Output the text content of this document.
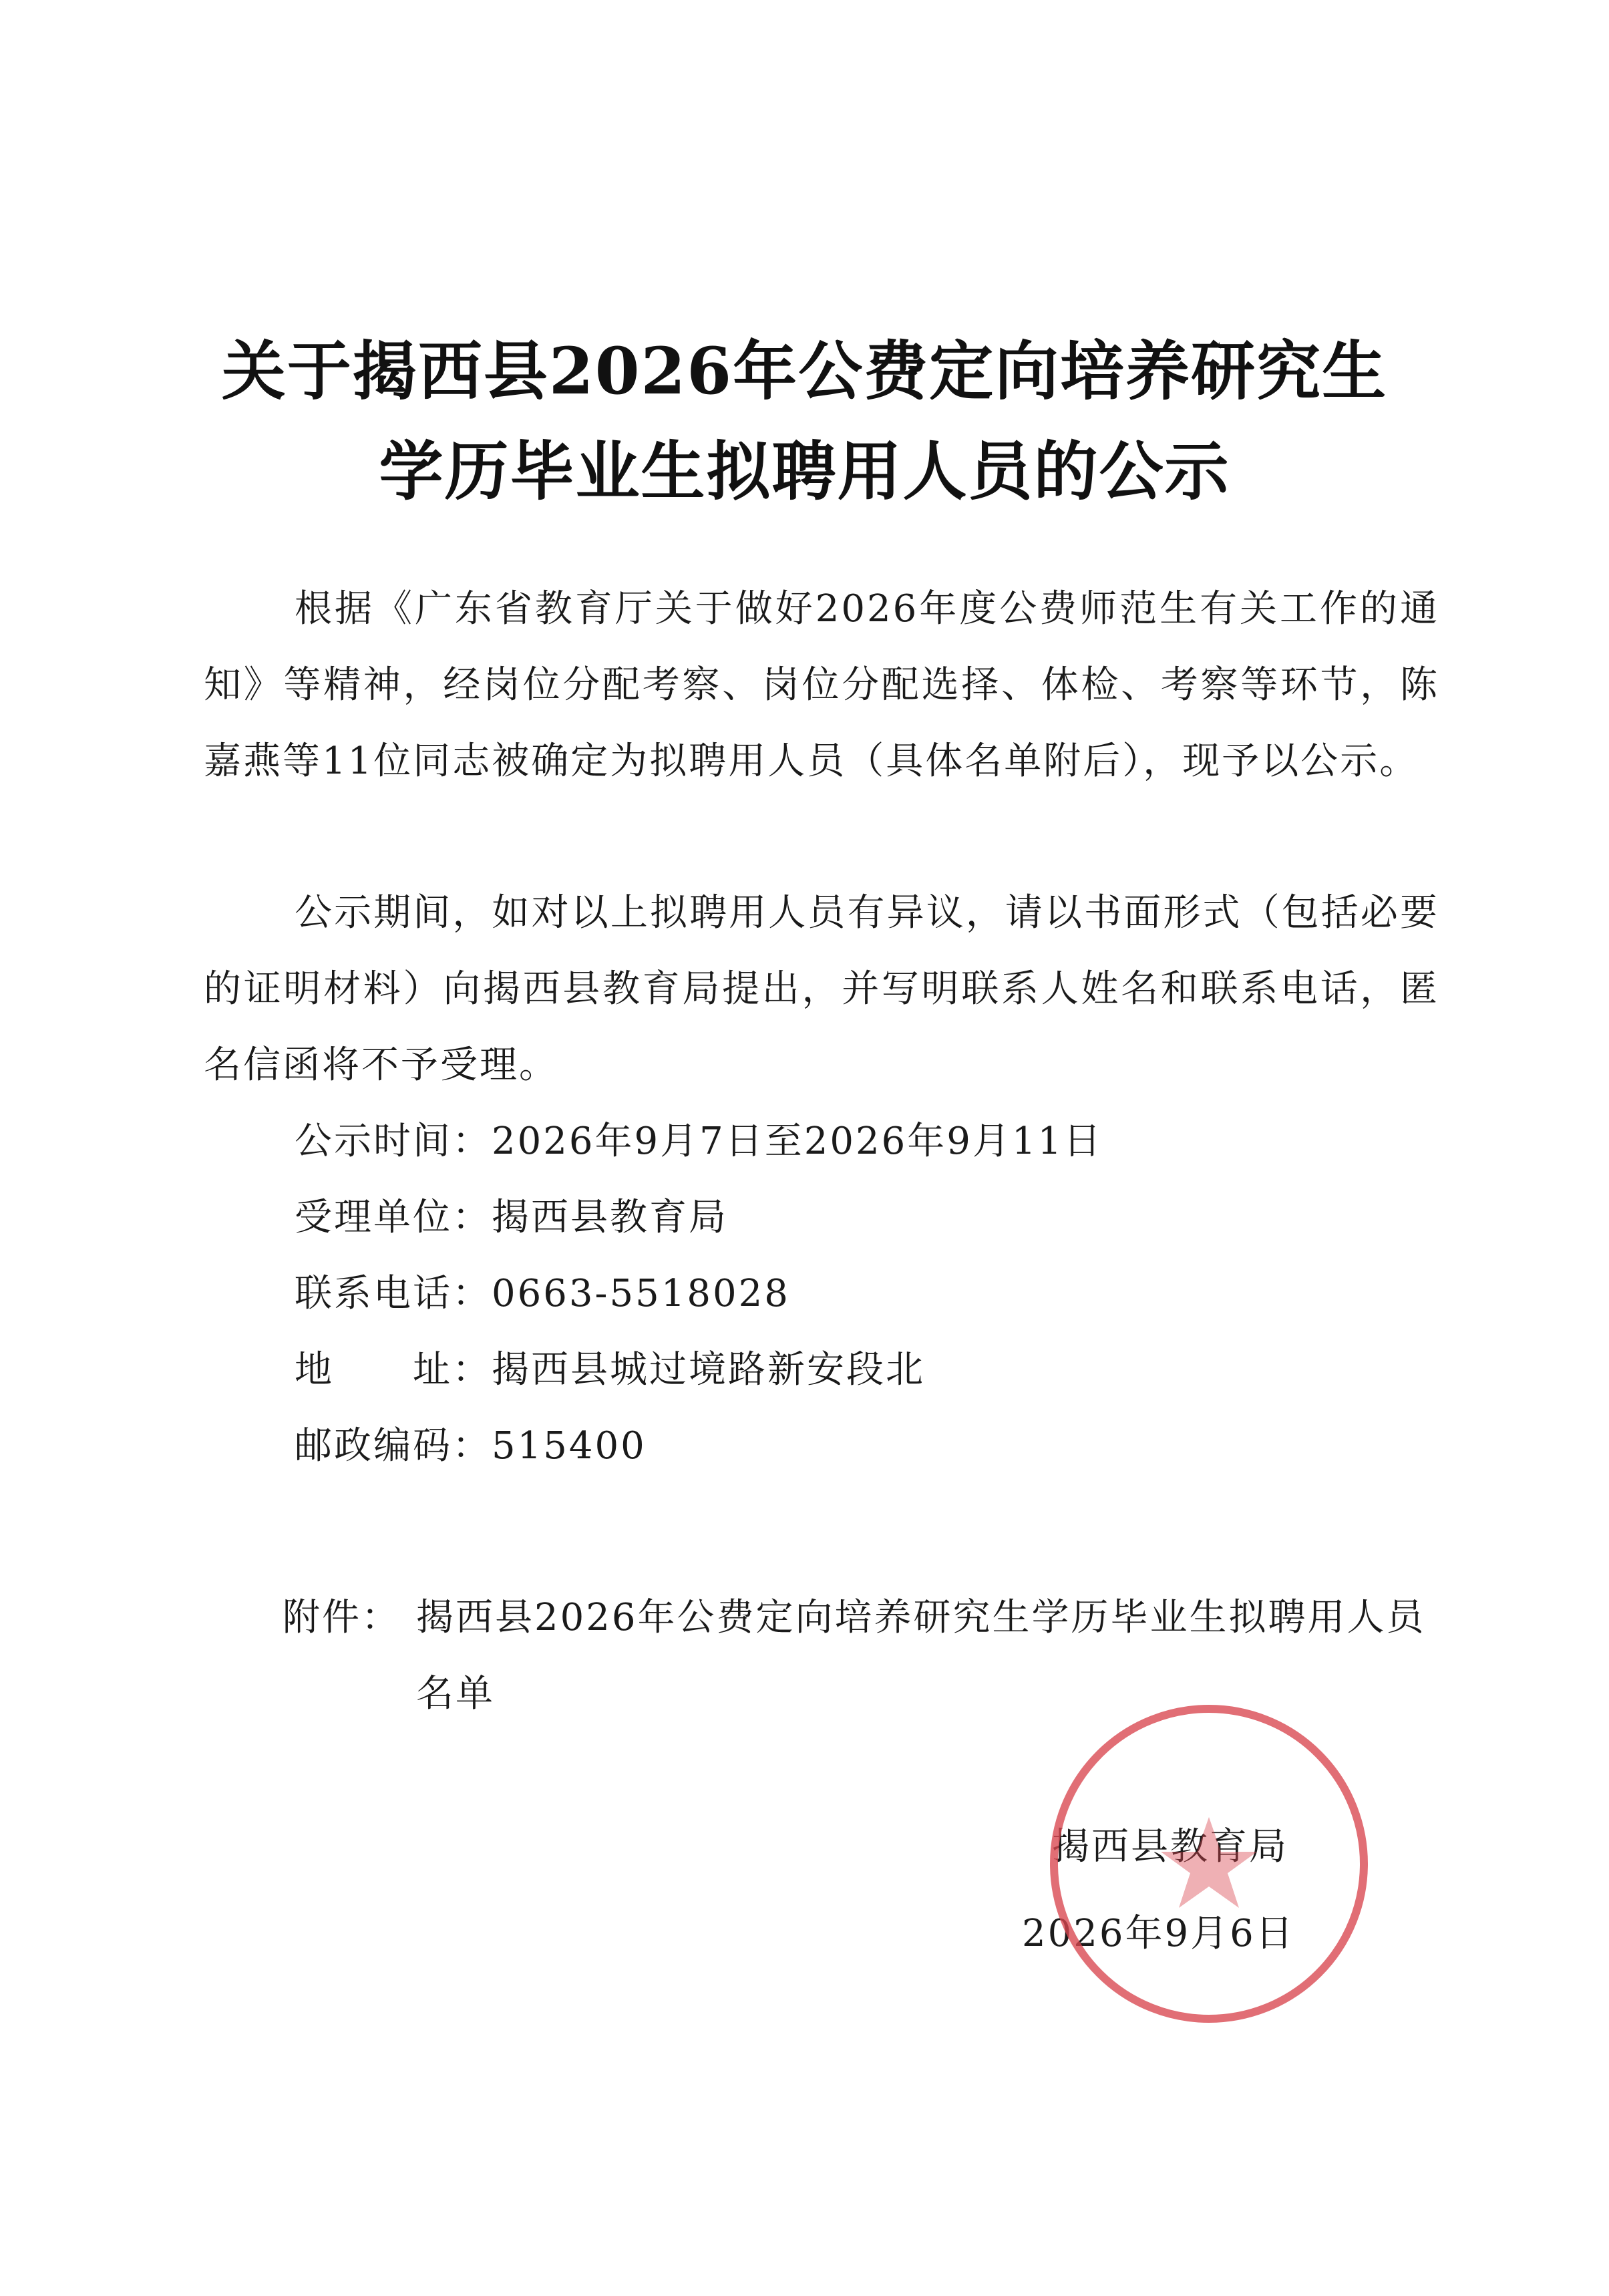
关于揭西县2026年公费定向培养研究生
学历毕业生拟聘用人员的公示
根据《广东省教育厅关于做好2026年度公费师范生有关工作的通知》等精神，经岗位分配考察、岗位分配选择、体检、考察等环节，陈嘉燕等11位同志被确定为拟聘用人员（具体名单附后），现予以公示。
公示期间，如对以上拟聘用人员有异议，请以书面形式（包括必要的证明材料）向揭西县教育局提出，并写明联系人姓名和联系电话，匿名信函将不予受理。
公示时间：2026年9月7日至2026年9月11日
受理单位：揭西县教育局
联系电话：0663-5518028
地　　址：揭西县城过境路新安段北
邮政编码：515400
附件： 揭西县2026年公费定向培养研究生学历毕业生拟聘用人员名单
揭西县教育局
2026年9月6日
